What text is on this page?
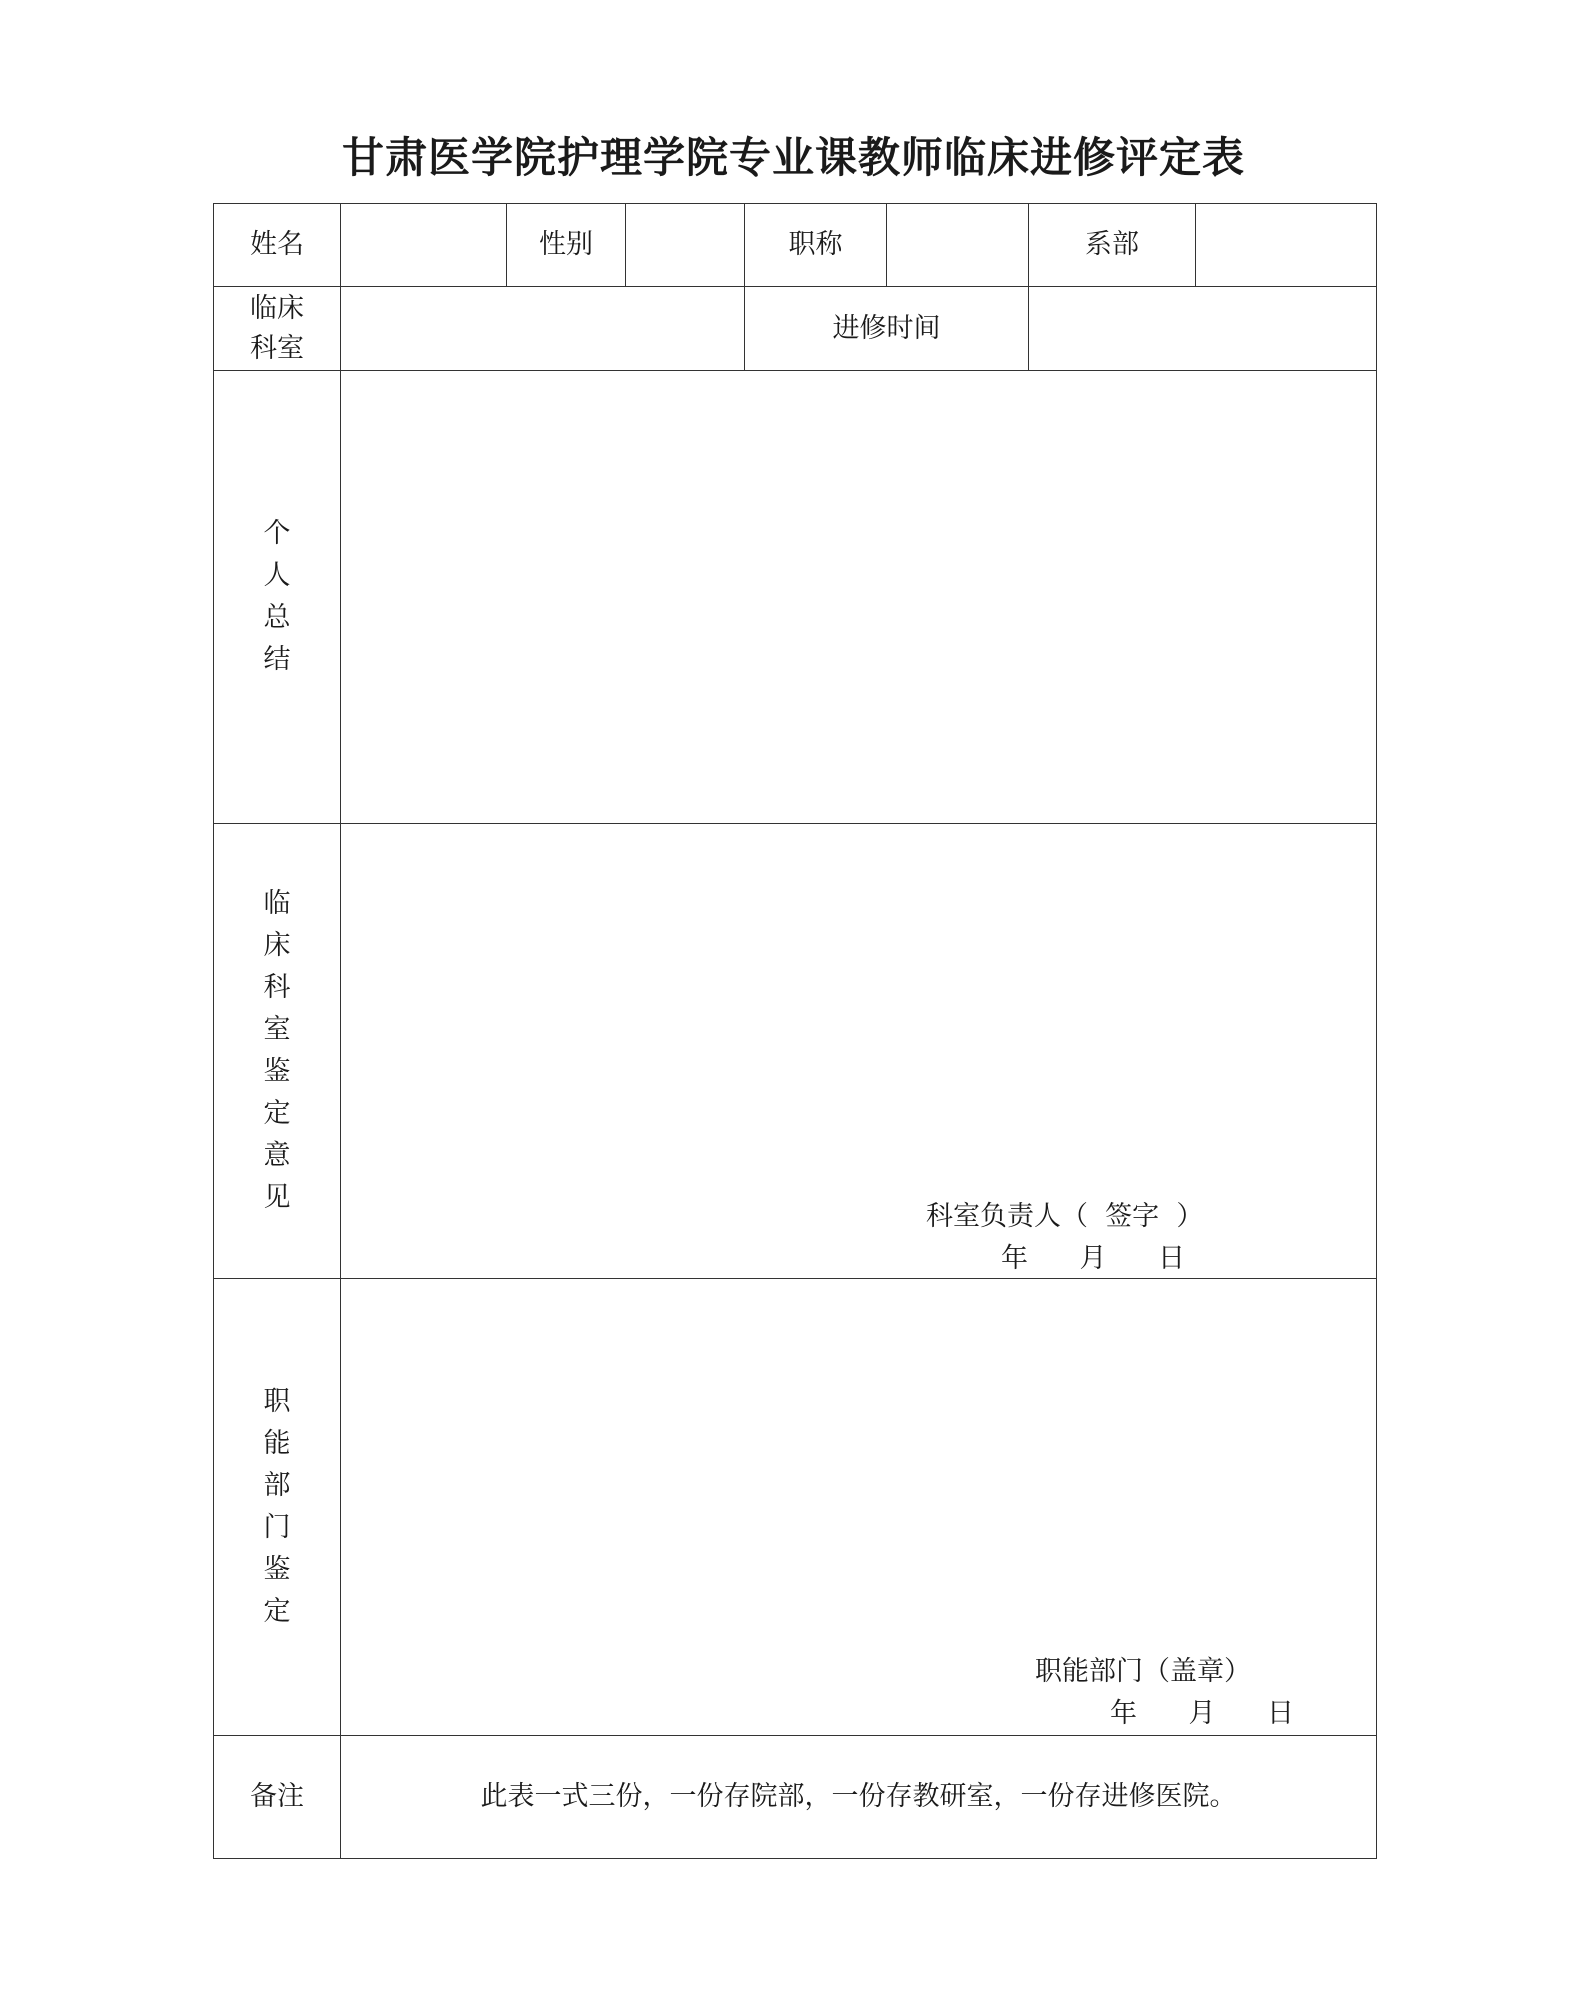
甘肃医学院护理学院专业课教师临床进修评定表
姓名		性别		职称		系部	
临床科室				进修时间			
个人总结							
临床科室鉴定意见	科室负责人（  签字  ）
年      月      日						

职能部门鉴定	职能部门（盖章）
年      月      日						

备注	此表一式三份，一份存院部，一份存教研室，一份存进修医院。						
